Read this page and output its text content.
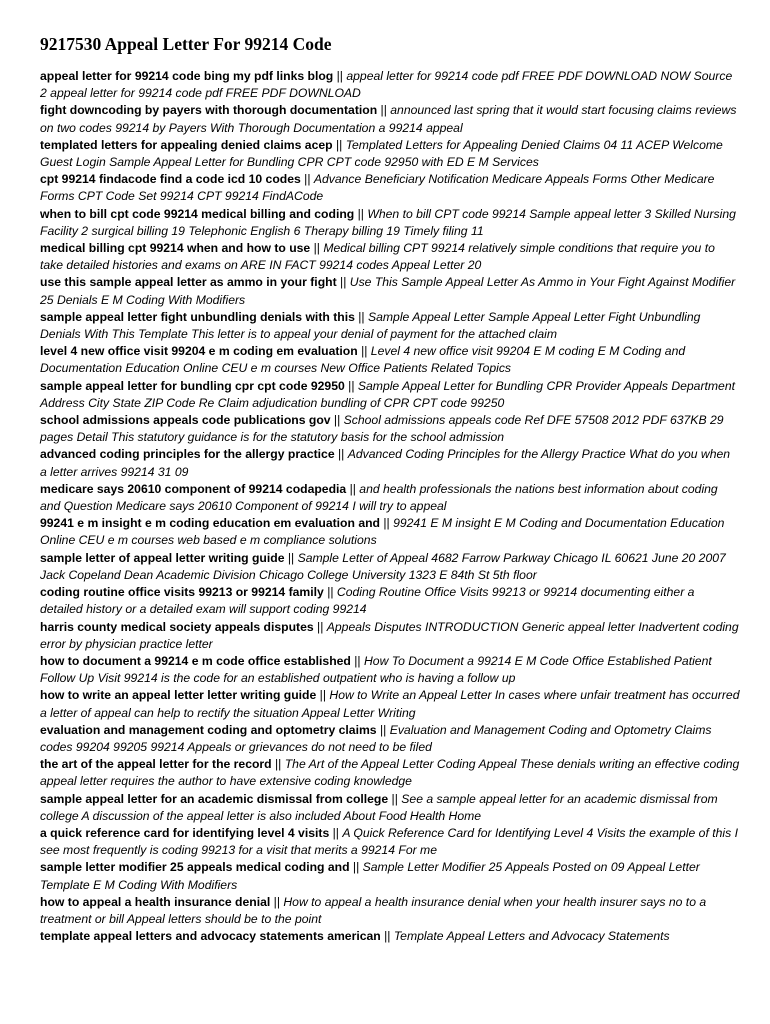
9217530 Appeal Letter For 99214 Code

appeal letter for 99214 code bing my pdf links blog || appeal letter for 99214 code pdf FREE PDF DOWNLOAD NOW Source 2 appeal letter for 99214 code pdf FREE PDF DOWNLOAD

fight downcoding by payers with thorough documentation || announced last spring that it would start focusing claims reviews on two codes 99214 by Payers With Thorough Documentation a 99214 appeal

templated letters for appealing denied claims acep || Templated Letters for Appealing Denied Claims 04 11 ACEP Welcome Guest Login Sample Appeal Letter for Bundling CPR CPT code 92950 with ED E M Services

cpt 99214 findacode find a code icd 10 codes || Advance Beneficiary Notification Medicare Appeals Forms Other Medicare Forms CPT Code Set 99214 CPT 99214 FindACode

when to bill cpt code 99214 medical billing and coding || When to bill CPT code 99214 Sample appeal letter 3 Skilled Nursing Facility 2 surgical billing 19 Telephonic English 6 Therapy billing 19 Timely filing 11

medical billing cpt 99214 when and how to use || Medical billing CPT 99214 relatively simple conditions that require you to take detailed histories and exams on ARE IN FACT 99214 codes Appeal Letter 20

use this sample appeal letter as ammo in your fight || Use This Sample Appeal Letter As Ammo in Your Fight Against Modifier 25 Denials E M Coding With Modifiers

sample appeal letter fight unbundling denials with this || Sample Appeal Letter Sample Appeal Letter Fight Unbundling Denials With This Template This letter is to appeal your denial of payment for the attached claim

level 4 new office visit 99204 e m coding em evaluation || Level 4 new office visit 99204 E M coding E M Coding and Documentation Education Online CEU e m courses New Office Patients Related Topics

sample appeal letter for bundling cpr cpt code 92950 || Sample Appeal Letter for Bundling CPR Provider Appeals Department Address City State ZIP Code Re Claim adjudication bundling of CPR CPT code 99250

school admissions appeals code publications gov || School admissions appeals code Ref DFE 57508 2012 PDF 637KB 29 pages Detail This statutory guidance is for the statutory basis for the school admission

advanced coding principles for the allergy practice || Advanced Coding Principles for the Allergy Practice What do you when a letter arrives 99214 31 09

medicare says 20610 component of 99214 codapedia || and health professionals the nations best information about coding and Question Medicare says 20610 Component of 99214 I will try to appeal

99241 e m insight e m coding education em evaluation and || 99241 E M insight E M Coding and Documentation Education Online CEU e m courses web based e m compliance solutions

sample letter of appeal letter writing guide || Sample Letter of Appeal 4682 Farrow Parkway Chicago IL 60621 June 20 2007 Jack Copeland Dean Academic Division Chicago College University 1323 E 84th St 5th floor

coding routine office visits 99213 or 99214 family || Coding Routine Office Visits 99213 or 99214 documenting either a detailed history or a detailed exam will support coding 99214

harris county medical society appeals disputes || Appeals Disputes INTRODUCTION Generic appeal letter Inadvertent coding error by physician practice letter

how to document a 99214 e m code office established || How To Document a 99214 E M Code Office Established Patient Follow Up Visit 99214 is the code for an established outpatient who is having a follow up

how to write an appeal letter letter writing guide || How to Write an Appeal Letter In cases where unfair treatment has occurred a letter of appeal can help to rectify the situation Appeal Letter Writing

evaluation and management coding and optometry claims || Evaluation and Management Coding and Optometry Claims codes 99204 99205 99214 Appeals or grievances do not need to be filed

the art of the appeal letter for the record || The Art of the Appeal Letter Coding Appeal These denials writing an effective coding appeal letter requires the author to have extensive coding knowledge

sample appeal letter for an academic dismissal from college || See a sample appeal letter for an academic dismissal from college A discussion of the appeal letter is also included About Food Health Home

a quick reference card for identifying level 4 visits || A Quick Reference Card for Identifying Level 4 Visits the example of this I see most frequently is coding 99213 for a visit that merits a 99214 For me

sample letter modifier 25 appeals medical coding and || Sample Letter Modifier 25 Appeals Posted on 09 Appeal Letter Template E M Coding With Modifiers

how to appeal a health insurance denial || How to appeal a health insurance denial when your health insurer says no to a treatment or bill Appeal letters should be to the point

template appeal letters and advocacy statements american || Template Appeal Letters and Advocacy Statements
